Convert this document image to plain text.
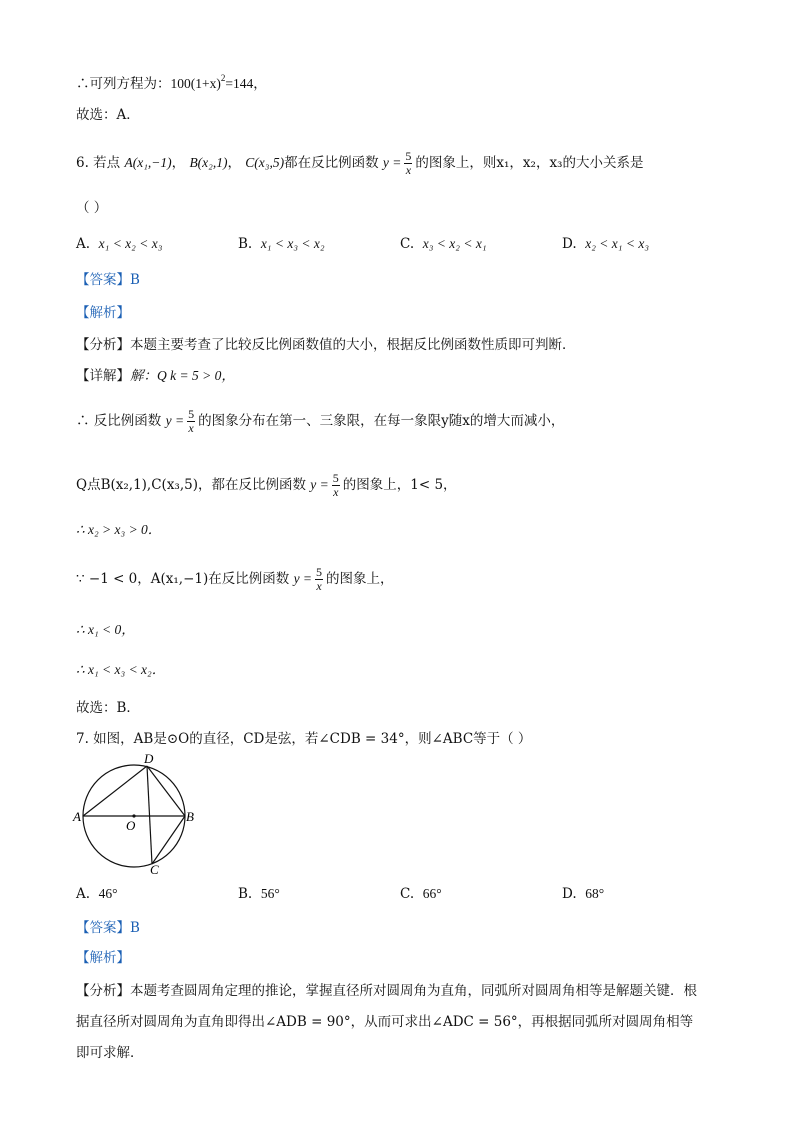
∴可列方程为：$100(1+x)^2=144$，
故选：A．
6. 若点 A(x₁,−1)， B(x₂,1)， C(x₃,5)都在反比例函数 $y = \frac{5}{x}$ 的图象上，则x₁，x₂，x₃的大小关系是
（ ）
A. x₁ < x₂ < x₃	B. x₁ < x₃ < x₂	C. x₃ < x₂ < x₁	D. x₂ < x₁ < x₃
【答案】B
【解析】
【分析】本题主要考查了比较反比例函数值的大小，根据反比例函数性质即可判断．
【详解】解：Q k = 5 > 0，
∴ 反比例函数 $y = \frac{5}{x}$ 的图象分布在第一、三象限，在每一象限y随x的增大而减小，
Q点B(x₂,1),C(x₃,5)，都在反比例函数 $y = \frac{5}{x}$ 的图象上，1< 5，
∴ x₂ > x₃ > 0．
∵ −1 < 0，A(x₁,−1)在反比例函数 $y = \frac{5}{x}$ 的图象上，
∴ x₁ < 0，
∴ x₁ < x₃ < x₂．
故选：B．
7. 如图，AB是⊙O的直径，CD是弦，若∠CDB = 34°，则∠ABC等于（ ）
A	B
C
D
O
A. 46°	B. 56°	C. 66°	D. 68°
【答案】B
【解析】
【分析】本题考查圆周角定理的推论，掌握直径所对圆周角为直角，同弧所对圆周角相等是解题关键．根
据直径所对圆周角为直角即得出∠ADB = 90°，从而可求出∠ADC = 56°，再根据同弧所对圆周角相等
即可求解．
